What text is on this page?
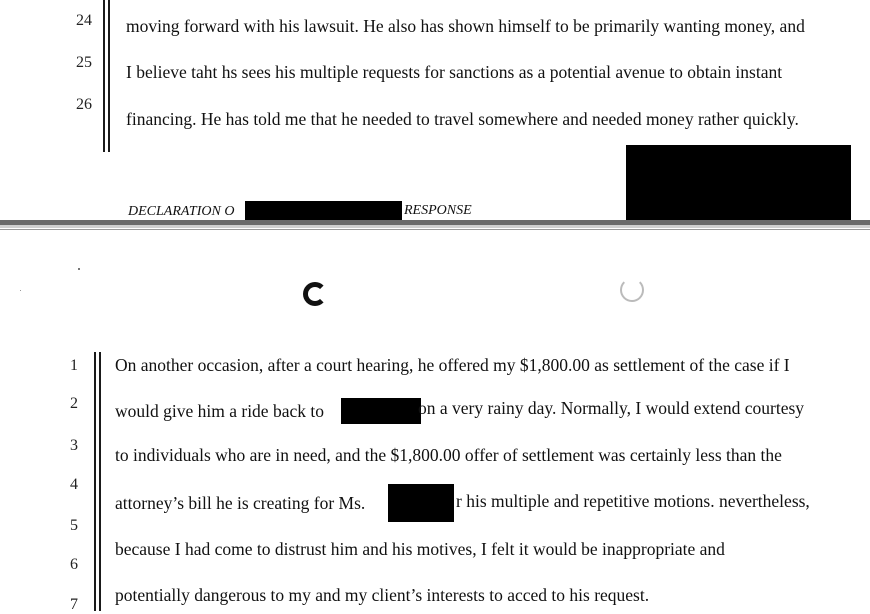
24
25
26
moving forward with his lawsuit. He also has shown himself to be primarily wanting money, and
I believe taht hs sees his multiple requests for sanctions as a potential avenue to obtain instant
financing. He has told me that he needed to travel somewhere and needed money rather quickly.
DECLARATION O	RESPONSE
1
2
3
4
5
6
7
On another occasion, after a court hearing, he offered my $1,800.00 as settlement of the case if I
would give him a ride back to	on a very rainy day. Normally, I would extend courtesy
to individuals who are in need, and the $1,800.00 offer of settlement was certainly less than the
attorney’s bill he is creating for Ms.	r his multiple and repetitive motions. nevertheless,
because I had come to distrust him and his motives, I felt it would be inappropriate and
potentially dangerous to my and my client’s interests to acced to his request.
